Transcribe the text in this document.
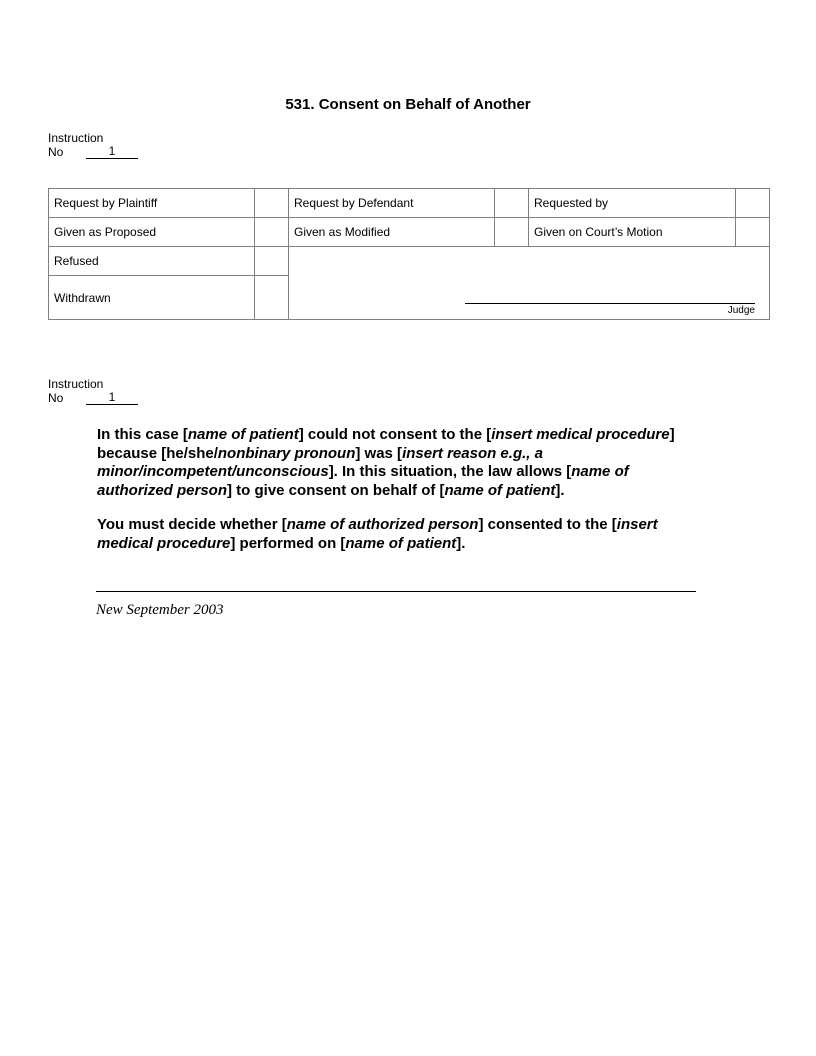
531. Consent on Behalf of Another
Instruction
No	1
Request by Plaintiff		Request by Defendant		Requested by	
Given as Proposed		Given as Modified		Given on Court’s Motion	
Refused		Judge			

Withdrawn					
Instruction
No	1

In this case [name of patient] could not consent to the [insert medical procedure] because [he/she/nonbinary pronoun] was [insert reason e.g., a minor/incompetent/unconscious]. In this situation, the law allows [name of authorized person] to give consent on behalf of [name of patient].

You must decide whether [name of authorized person] consented to the [insert medical procedure] performed on [name of patient].

New September 2003
